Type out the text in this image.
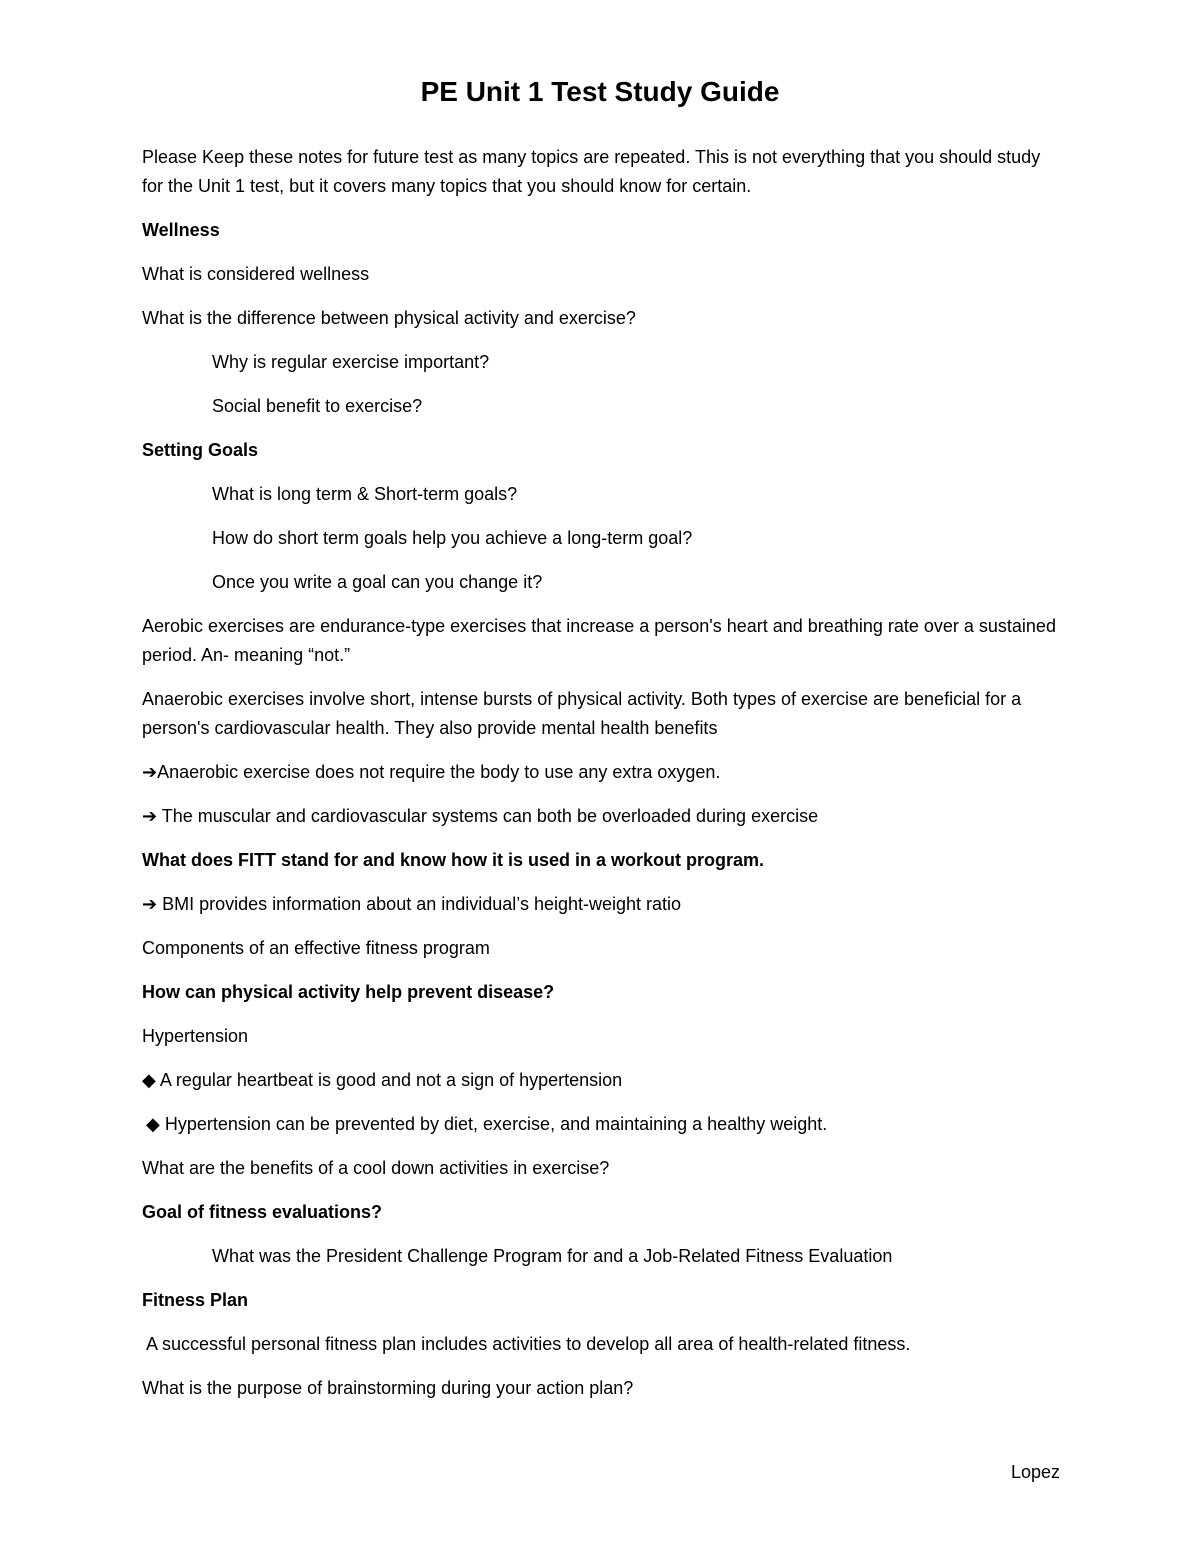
PE Unit 1 Test Study Guide

Please Keep these notes for future test as many topics are repeated. This is not everything that you should study for the Unit 1 test, but it covers many topics that you should know for certain.

Wellness

What is considered wellness

What is the difference between physical activity and exercise?

Why is regular exercise important?

Social benefit to exercise?

Setting Goals

What is long term & Short-term goals?

How do short term goals help you achieve a long-term goal?

Once you write a goal can you change it?

Aerobic exercises are endurance-type exercises that increase a person's heart and breathing rate over a sustained period. An- meaning “not.”

Anaerobic exercises involve short, intense bursts of physical activity. Both types of exercise are beneficial for a person's cardiovascular health. They also provide mental health benefits

➔Anaerobic exercise does not require the body to use any extra oxygen.

➔ The muscular and cardiovascular systems can both be overloaded during exercise

What does FITT stand for and know how it is used in a workout program.

➔ BMI provides information about an individual’s height-weight ratio

Components of an effective fitness program

How can physical activity help prevent disease?

Hypertension

◆ A regular heartbeat is good and not a sign of hypertension

◆ Hypertension can be prevented by diet, exercise, and maintaining a healthy weight.

What are the benefits of a cool down activities in exercise?

Goal of fitness evaluations?

What was the President Challenge Program for and a Job-Related Fitness Evaluation

Fitness Plan

A successful personal fitness plan includes activities to develop all area of health-related fitness.

What is the purpose of brainstorming during your action plan?

Lopez
